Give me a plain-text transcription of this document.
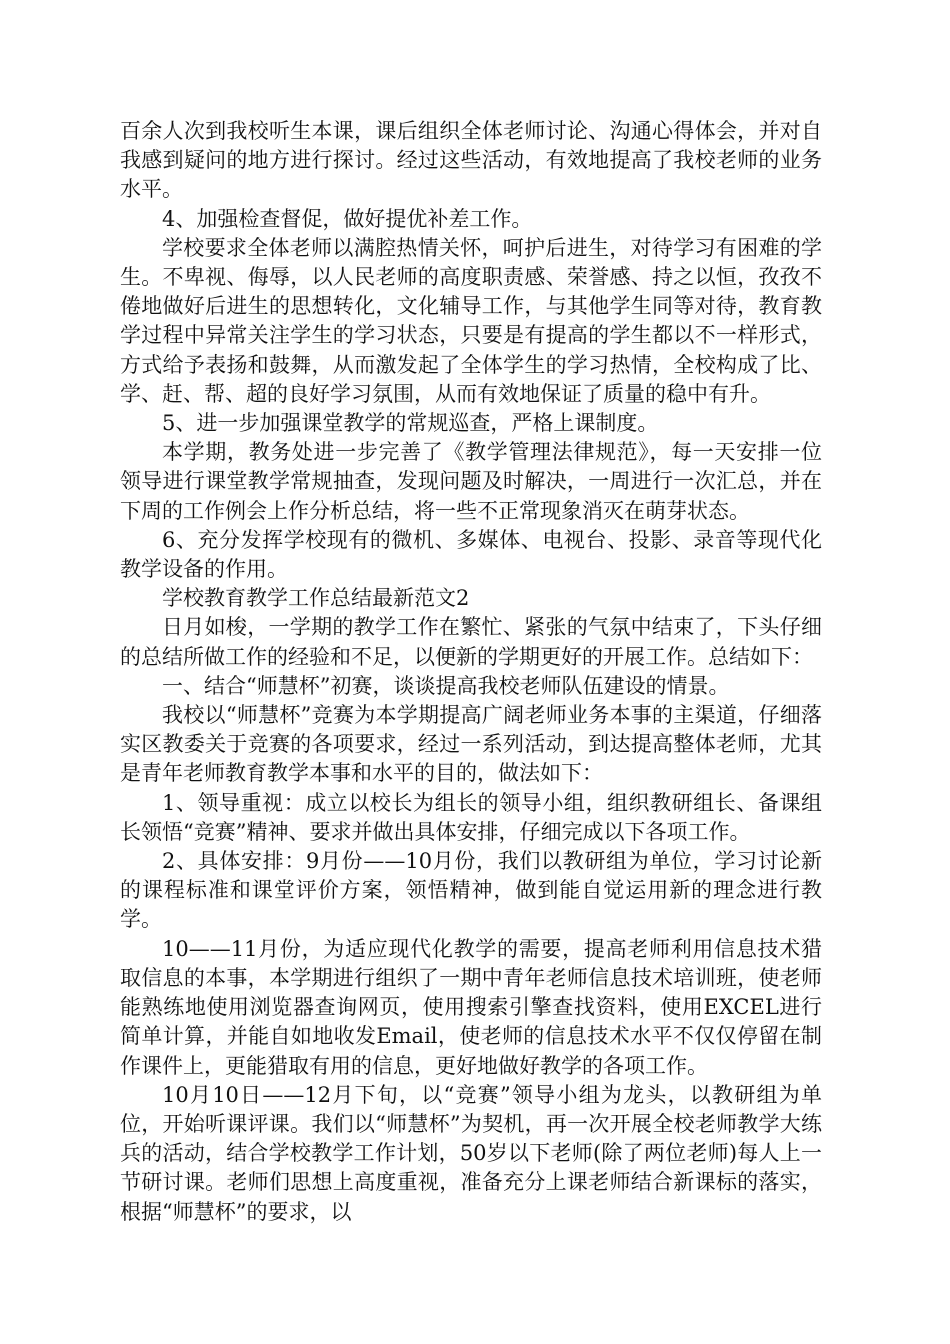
百余人次到我校听生本课，课后组织全体老师讨论、沟通心得体会，并对自我感到疑问的地方进行探讨。经过这些活动，有效地提高了我校老师的业务水平。

4、加强检查督促，做好提优补差工作。

学校要求全体老师以满腔热情关怀，呵护后进生，对待学习有困难的学生。不卑视、侮辱，以人民老师的高度职责感、荣誉感、持之以恒，孜孜不倦地做好后进生的思想转化，文化辅导工作，与其他学生同等对待，教育教学过程中异常关注学生的学习状态，只要是有提高的学生都以不一样形式，方式给予表扬和鼓舞，从而激发起了全体学生的学习热情，全校构成了比、学、赶、帮、超的良好学习氛围，从而有效地保证了质量的稳中有升。

5、进一步加强课堂教学的常规巡查，严格上课制度。

本学期，教务处进一步完善了《教学管理法律规范》，每一天安排一位领导进行课堂教学常规抽查，发现问题及时解决，一周进行一次汇总，并在下周的工作例会上作分析总结，将一些不正常现象消灭在萌芽状态。

6、充分发挥学校现有的微机、多媒体、电视台、投影、录音等现代化教学设备的作用。

学校教育教学工作总结最新范文2

日月如梭，一学期的教学工作在繁忙、紧张的气氛中结束了，下头仔细的总结所做工作的经验和不足，以便新的学期更好的开展工作。总结如下：

一、结合“师慧杯”初赛，谈谈提高我校老师队伍建设的情景。

我校以“师慧杯”竞赛为本学期提高广阔老师业务本事的主渠道，仔细落实区教委关于竞赛的各项要求，经过一系列活动，到达提高整体老师，尤其是青年老师教育教学本事和水平的目的，做法如下：

1、领导重视：成立以校长为组长的领导小组，组织教研组长、备课组长领悟“竞赛”精神、要求并做出具体安排，仔细完成以下各项工作。

2、具体安排：9月份——10月份，我们以教研组为单位，学习讨论新的课程标准和课堂评价方案，领悟精神，做到能自觉运用新的理念进行教学。

10——11月份，为适应现代化教学的需要，提高老师利用信息技术猎取信息的本事，本学期进行组织了一期中青年老师信息技术培训班，使老师能熟练地使用浏览器查询网页，使用搜索引擎查找资料，使用EXCEL进行简单计算，并能自如地收发Email，使老师的信息技术水平不仅仅停留在制作课件上，更能猎取有用的信息，更好地做好教学的各项工作。

10月10日——12月下旬，以“竞赛”领导小组为龙头，以教研组为单位，开始听课评课。我们以“师慧杯”为契机，再一次开展全校老师教学大练兵的活动，结合学校教学工作计划，50岁以下老师(除了两位老师)每人上一节研讨课。老师们思想上高度重视，准备充分上课老师结合新课标的落实，根据“师慧杯”的要求，以
